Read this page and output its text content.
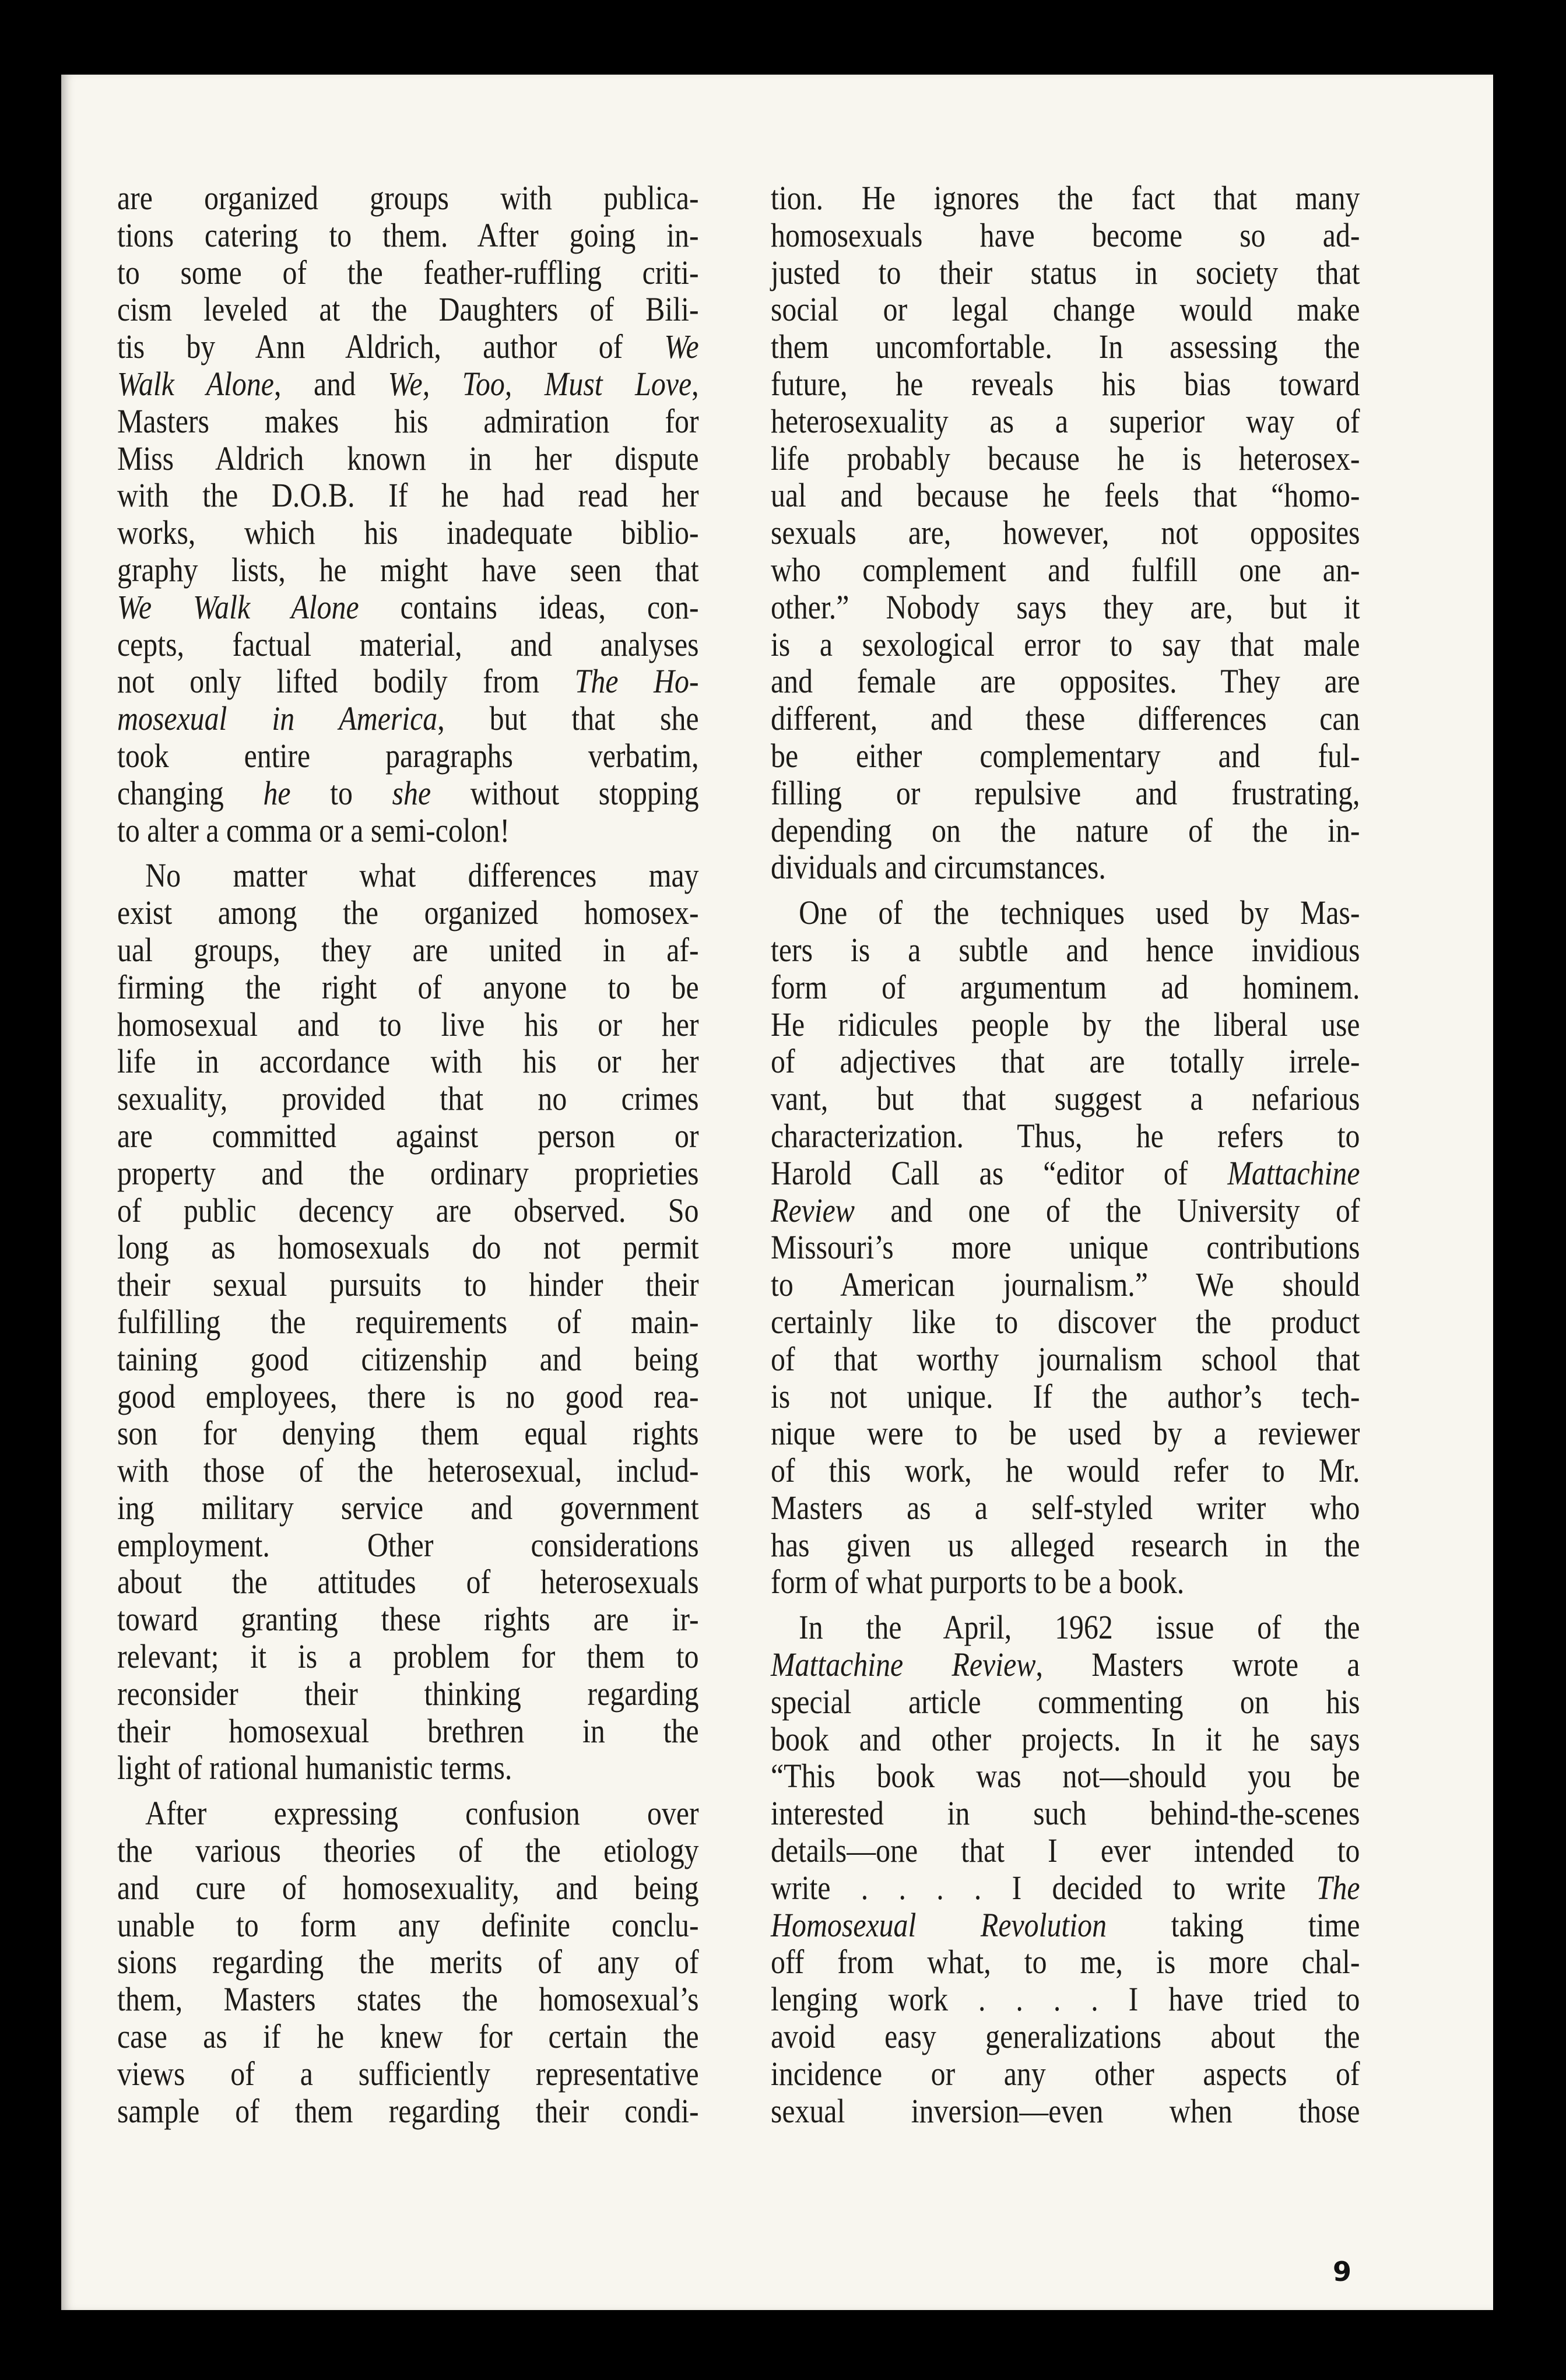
are organized groups with publica-
tions catering to them. After going in-
to some of the feather-ruffling criti-
cism leveled at the Daughters of Bili-
tis by Ann Aldrich, author of We
Walk Alone, and We, Too, Must Love,
Masters makes his admiration for
Miss Aldrich known in her dispute
with the D.O.B. If he had read her
works, which his inadequate biblio-
graphy lists, he might have seen that
We Walk Alone contains ideas, con-
cepts, factual material, and analyses
not only lifted bodily from The Ho-
mosexual in America, but that she
took entire paragraphs verbatim,
changing he to she without stopping
to alter a comma or a semi-colon!
No matter what differences may
exist among the organized homosex-
ual groups, they are united in af-
firming the right of anyone to be
homosexual and to live his or her
life in accordance with his or her
sexuality, provided that no crimes
are committed against person or
property and the ordinary proprieties
of public decency are observed. So
long as homosexuals do not permit
their sexual pursuits to hinder their
fulfilling the requirements of main-
taining good citizenship and being
good employees, there is no good rea-
son for denying them equal rights
with those of the heterosexual, includ-
ing military service and government
employment. Other considerations
about the attitudes of heterosexuals
toward granting these rights are ir-
relevant; it is a problem for them to
reconsider their thinking regarding
their homosexual brethren in the
light of rational humanistic terms.
After expressing confusion over
the various theories of the etiology
and cure of homosexuality, and being
unable to form any definite conclu-
sions regarding the merits of any of
them, Masters states the homosexual’s
case as if he knew for certain the
views of a sufficiently representative
sample of them regarding their condi-
tion. He ignores the fact that many
homosexuals have become so ad-
justed to their status in society that
social or legal change would make
them uncomfortable. In assessing the
future, he reveals his bias toward
heterosexuality as a superior way of
life probably because he is heterosex-
ual and because he feels that “homo-
sexuals are, however, not opposites
who complement and fulfill one an-
other.” Nobody says they are, but it
is a sexological error to say that male
and female are opposites. They are
different, and these differences can
be either complementary and ful-
filling or repulsive and frustrating,
depending on the nature of the in-
dividuals and circumstances.
One of the techniques used by Mas-
ters is a subtle and hence invidious
form of argumentum ad hominem.
He ridicules people by the liberal use
of adjectives that are totally irrele-
vant, but that suggest a nefarious
characterization. Thus, he refers to
Harold Call as “editor of Mattachine
Review and one of the University of
Missouri’s more unique contributions
to American journalism.” We should
certainly like to discover the product
of that worthy journalism school that
is not unique. If the author’s tech-
nique were to be used by a reviewer
of this work, he would refer to Mr.
Masters as a self-styled writer who
has given us alleged research in the
form of what purports to be a book.
In the April, 1962 issue of the
Mattachine Review, Masters wrote a
special article commenting on his
book and other projects. In it he says
“This book was not—should you be
interested in such behind-the-scenes
details—one that I ever intended to
write . . . . I decided to write The
Homosexual Revolution taking time
off from what, to me, is more chal-
lenging work . . . . I have tried to
avoid easy generalizations about the
incidence or any other aspects of
sexual inversion—even when those
9
